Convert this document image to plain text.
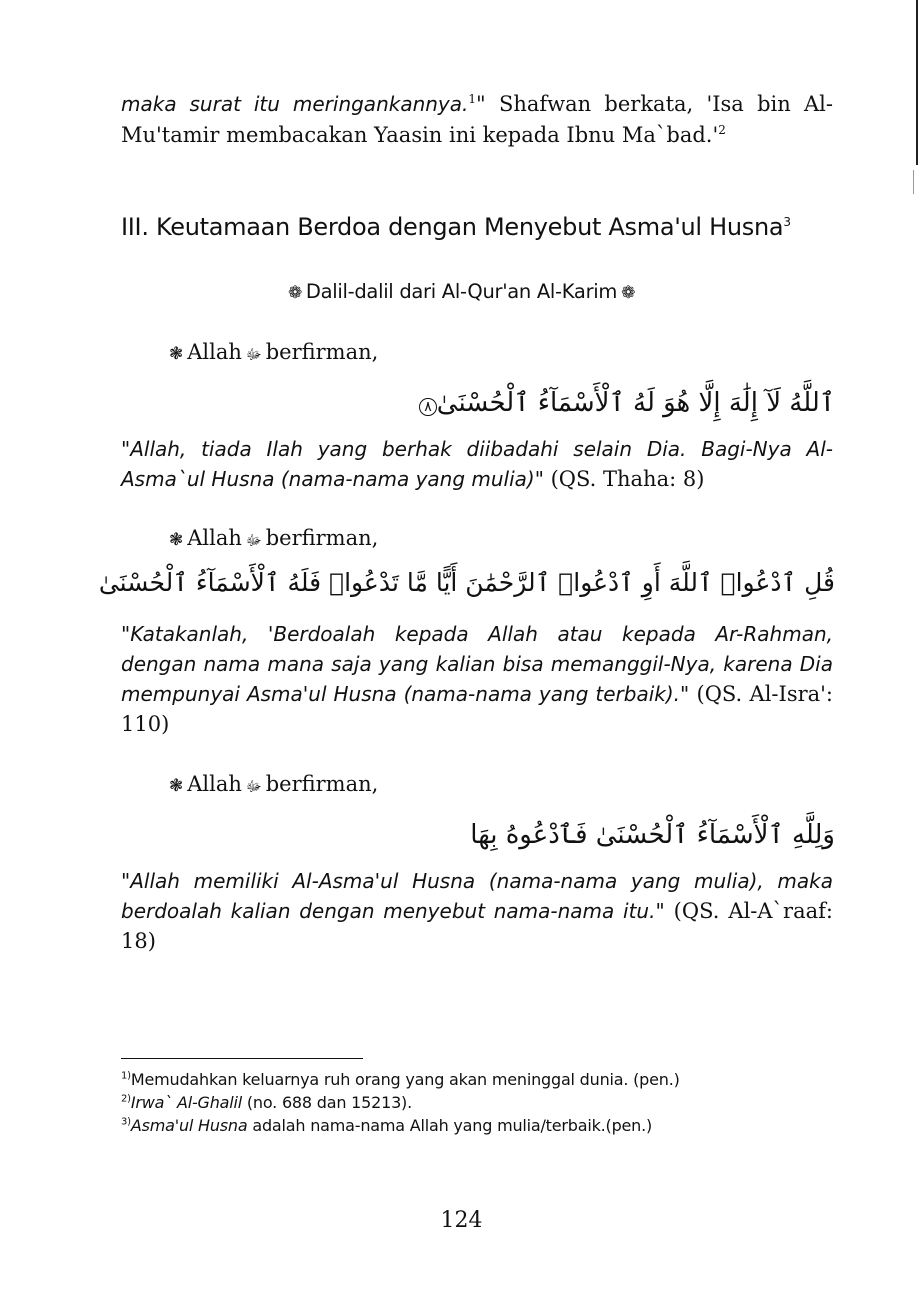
maka surat itu meringankannya.$^1$" Shafwan berkata, 'Isa bin Al-Mu'tamir membacakan Yaasin ini kepada Ibnu $Ma`bad.'^2$
III. Keutamaan Berdoa dengan Menyebut Asma'ul Husna$^3$
❁ Dalil-dalil dari Al-Qur'an Al-Karim ❁
❃ Allah ﷻ berfirman,
ٱللَّهُ لَآ إِلَٰهَ إِلَّا هُوَ لَهُ ٱلْأَسْمَآءُ ٱلْحُسْنَىٰ٨
"Allah, tiada Ilah yang berhak diibadahi selain Dia. Bagi-Nya Al-Asma`ul Husna (nama-nama yang mulia)" (QS. Thaha: 8)
❃ Allah ﷻ berfirman,
قُلِ ٱدْعُوا۟ ٱللَّهَ أَوِ ٱدْعُوا۟ ٱلرَّحْمَٰنَ أَيًّا مَّا تَدْعُوا۟ فَلَهُ ٱلْأَسْمَآءُ ٱلْحُسْنَىٰ
"Katakanlah, 'Berdoalah kepada Allah atau kepada Ar-Rahman, dengan nama mana saja yang kalian bisa memanggil-Nya, karena Dia mempunyai Asma'ul Husna (nama-nama yang terbaik)." (QS. Al-Isra': 110)
❃ Allah ﷻ berfirman,
وَلِلَّهِ ٱلْأَسْمَآءُ ٱلْحُسْنَىٰ فَٱدْعُوهُ بِهَا
"Allah memiliki Al-Asma'ul Husna (nama-nama yang mulia), maka berdoalah kalian dengan menyebut nama-nama itu." (QS. Al-A`raaf: 18)
$^{1)}$Memudahkan keluarnya ruh orang yang akan meninggal dunia. (pen.)
$^{2)}$Irwa` Al-Ghalil (no. 688 dan 15213).
$^{3)}$Asma'ul Husna adalah nama-nama Allah yang mulia/terbaik.(pen.)
124
